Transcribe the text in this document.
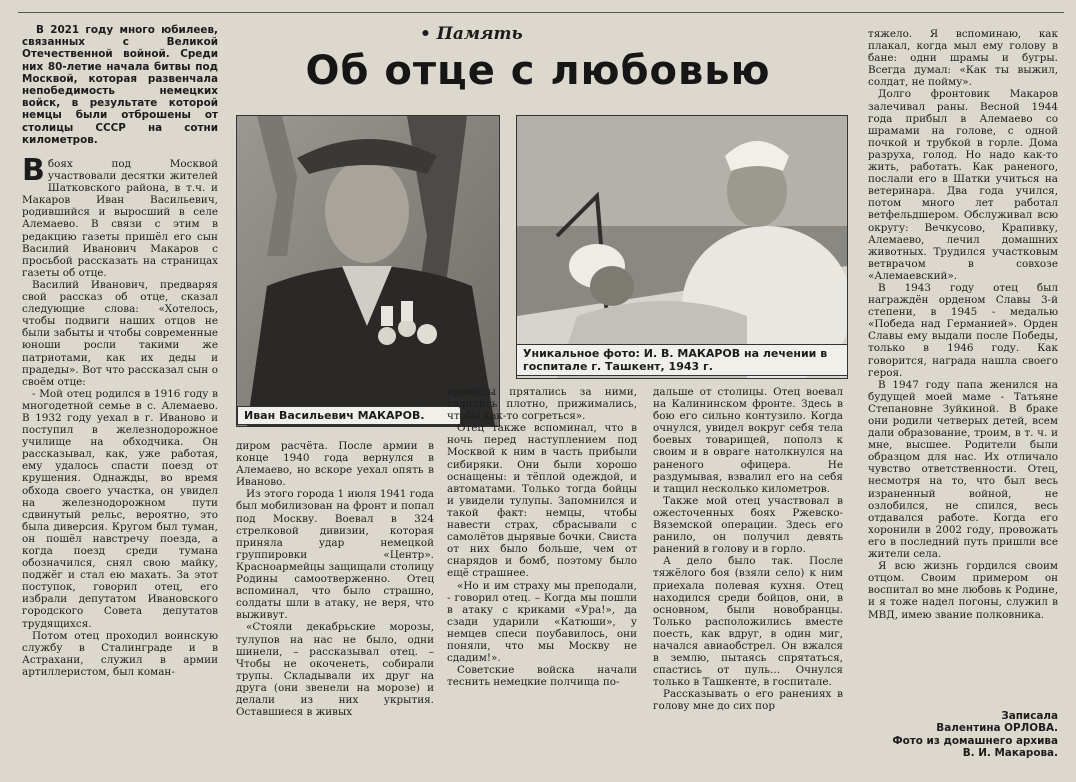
В 2021 году много юбилеев, связанных с Великой Отечественной войной. Среди них 80-летие начала битвы под Москвой, которая развенчала непобедимость немецких войск, в результате которой немцы были отброшены от столицы СССР на сотни километров.

• Память
Об отце с любовью
Иван Васильевич МАКАРОВ.
Уникальное фото: И. В. МАКАРОВ на лечении в госпитале г. Ташкент, 1943 г.

Вбоях под Москвой участвовали десятки жителей Шатковского района, в т.ч. и Макаров Иван Васильевич, родившийся и выросший в селе Алемаево. В связи с этим в редакцию газеты пришёл его сын Василий Иванович Макаров с просьбой рассказать на страницах газеты об отце.

Василий Иванович, предваряя свой рассказ об отце, сказал следующие слова: «Хотелось, чтобы подвиги наших отцов не были забыты и чтобы современные юноши росли такими же патриотами, как их деды и прадеды». Вот что рассказал сын о своём отце:

- Мой отец родился в 1916 году в многодетной семье в с. Алемаево. В 1932 году уехал в г. Иваново и поступил в железнодорожное училище на обходчика. Он рассказывал, как, уже работая, ему удалось спасти поезд от крушения. Однажды, во время обхода своего участка, он увидел на железнодорожном пути сдвинутый рельс, вероятно, это была диверсия. Кругом был туман, он пошёл навстречу поезда, а когда поезд среди тумана обозначился, снял свою майку, поджёг и стал ею махать. За этот поступок, говорил отец, его избрали депутатом Ивановского городского Совета депутатов трудящихся.

Потом отец проходил воинскую службу в Сталинграде и в Астрахани, служил в армии артиллеристом, был коман-

диром расчёта. После армии в конце 1940 года вернулся в Алемаево, но вскоре уехал опять в Иваново.

Из этого города 1 июля 1941 года был мобилизован на фронт и попал под Москву. Воевал в 324 стрелковой дивизии, которая приняла удар немецкой группировки «Центр». Красноармейцы защищали столицу Родины самоотверженно. Отец вспоминал, что было страшно, солдаты шли в атаку, не веря, что выживут.

«Стояли декабрьские морозы, тулупов на нас не было, одни шинели, – рассказывал отец. – Чтобы не окоченеть, собирали трупы. Складывали их друг на друга (они звенели на морозе) и делали из них укрытия. Оставшиеся в живых

армейцы прятались за ними, садились плотно, прижимались, чтобы как-то согреться».

Отец также вспоминал, что в ночь перед наступлением под Москвой к ним в часть прибыли сибиряки. Они были хорошо оснащены: и тёплой одеждой, и автоматами. Только тогда бойцы и увидели тулупы. Запомнился и такой факт: немцы, чтобы навести страх, сбрасывали с самолётов дырявые бочки. Свиста от них было больше, чем от снарядов и бомб, поэтому было ещё страшнее.

«Но и им страху мы преподали, - говорил отец. – Когда мы пошли в атаку с криками «Ура!», да сзади ударили «Катюши», у немцев спеси поубавилось, они поняли, что мы Москву не сдадим!».

Советские войска начали теснить немецкие полчища по-

дальше от столицы. Отец воевал на Калининском фронте. Здесь в бою его сильно контузило. Когда очнулся, увидел вокруг себя тела боевых товарищей, пополз к своим и в овраге натолкнулся на раненого офицера. Не раздумывая, взвалил его на себя и тащил несколько километров.

Также мой отец участвовал в ожесточенных боях Ржевско-Вяземской операции. Здесь его ранило, он получил девять ранений в голову и в горло.

А дело было так. После тяжёлого боя (взяли село) к ним приехала полевая кухня. Отец находился среди бойцов, они, в основном, были новобранцы. Только расположились вместе поесть, как вдруг, в один миг, начался авиаобстрел. Он вжался в землю, пытаясь спрятаться, спастись от пуль… Очнулся только в Ташкенте, в госпитале.

Рассказывать о его ранениях в голову мне до сих пор

тяжело. Я вспоминаю, как плакал, когда мыл ему голову в бане: одни шрамы и бугры. Всегда думал: «Как ты выжил, солдат, не пойму».

Долго фронтовик Макаров залечивал раны. Весной 1944 года прибыл в Алемаево со шрамами на голове, с одной почкой и трубкой в горле. Дома разруха, голод. Но надо как-то жить, работать. Как раненого, послали его в Шатки учиться на ветеринара. Два года учился, потом много лет работал ветфельдшером. Обслуживал всю округу: Вечкусово, Крапивку, Алемаево, лечил домашних животных. Трудился участковым ветврачом в совхозе «Алемаевский».

В 1943 году отец был награждён орденом Славы 3-й степени, в 1945 - медалью «Победа над Германией». Орден Славы ему выдали после Победы, только в 1946 году. Как говорится, награда нашла своего героя.

В 1947 году папа женился на будущей моей маме - Татьяне Степановне Зуйкиной. В браке они родили четверых детей, всем дали образование, троим, в т. ч. и мне, высшее. Родители были образцом для нас. Их отличало чувство ответственности. Отец, несмотря на то, что был весь израненный войной, не озлобился, не спился, весь отдавался работе. Когда его хоронили в 2002 году, провожать его в последний путь пришли все жители села.

Я всю жизнь гордился своим отцом. Своим примером он воспитал во мне любовь к Родине, и я тоже надел погоны, служил в МВД, имею звание полковника.

Записала
Валентина ОРЛОВА.
Фото из домашнего архива
В. И. Макарова.
